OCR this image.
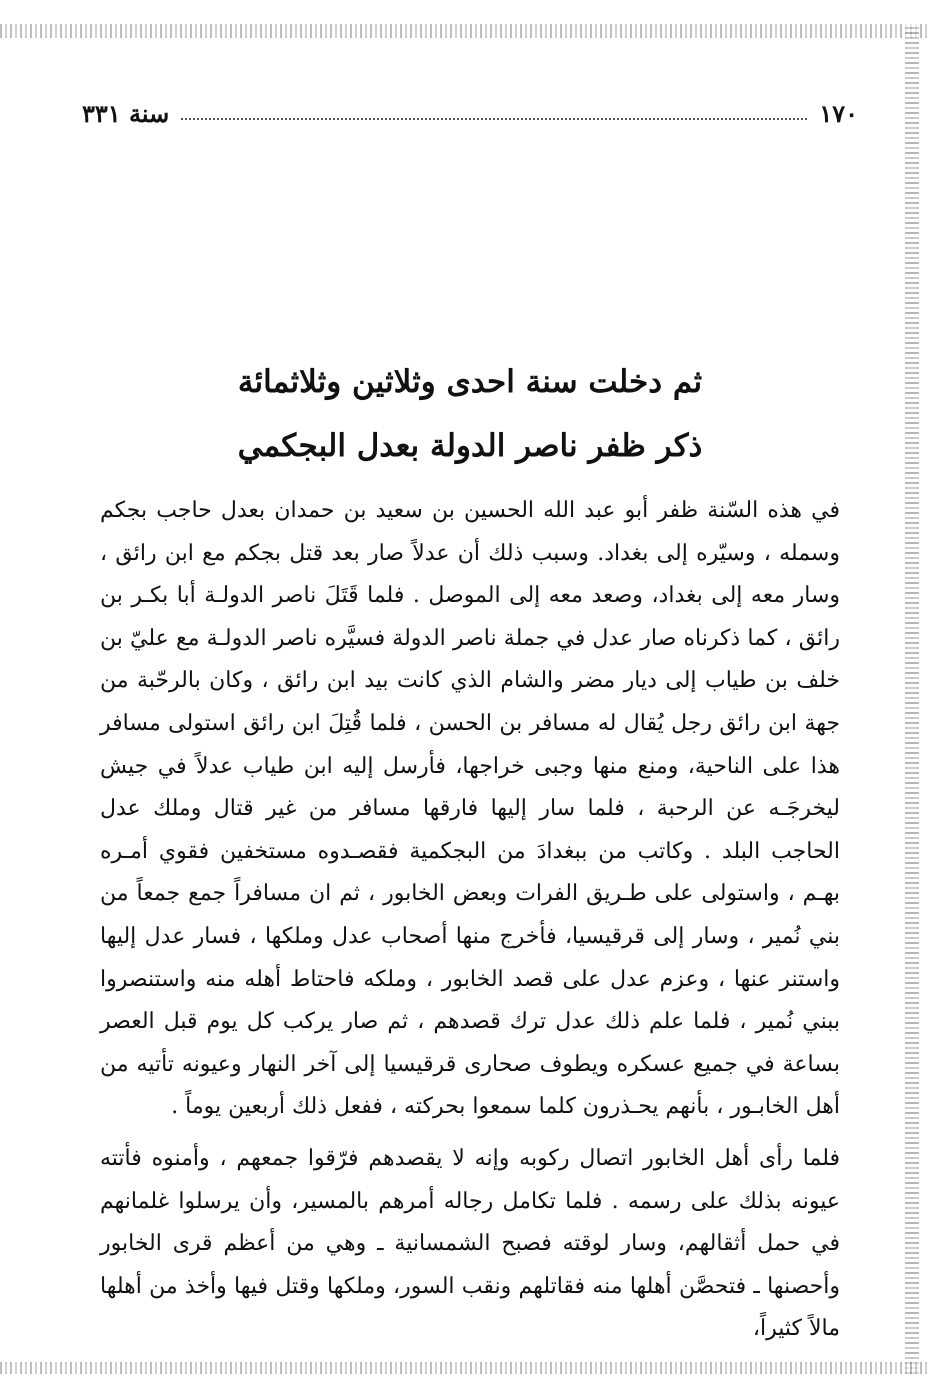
١٧٠
سنة ٣٣١
ثم دخلت سنة احدى وثلاثين وثلاثمائة
ذكر ظفر ناصر الدولة بعدل البجكمي

في هذه السّنة ظفر أبو عبد الله الحسين بن سعيد بن حمدان بعدل حاجب بجكم وسمله ، وسيّره إلى بغداد. وسبب ذلك أن عدلاً صار بعد قتل بجكم مع ابن رائق ، وسار معه إلى بغداد، وصعد معه إلى الموصل . فلما قَتَلَ ناصر الدولـة أبا بكـر بن رائق ، كما ذكرناه صار عدل في جملة ناصر الدولة فسيَّره ناصر الدولـة مع عليّ بن خلف بن طياب إلى ديار مضر والشام الذي كانت بيد ابن رائق ، وكان بالرحّبة من جهة ابن رائق رجل يُقال له مسافر بن الحسن ، فلما قُتِلَ ابن رائق استولى مسافر هذا على الناحية، ومنع منها وجبى خراجها، فأرسل إليه ابن طياب عدلاً في جيش ليخرجَـه عن الرحبة ، فلما سار إليها فارقها مسافر من غير قتال وملك عدل الحاجب البلد . وكاتب من ببغدادَ من البجكمية فقصـدوه مستخفين فقوي أمـره بهـم ، واستولى على طـريق الفرات وبعض الخابور ، ثم ان مسافراً جمع جمعاً من بني نُمير ، وسار إلى قرقيسيا، فأخرج منها أصحاب عدل وملكها ، فسار عدل إليها واستنر عنها ، وعزم عدل على قصد الخابور ، وملكه فاحتاط أهله منه واستنصروا ببني نُمير ، فلما علم ذلك عدل ترك قصدهم ، ثم صار يركب كل يوم قبل العصر بساعة في جميع عسكره ويطوف صحارى قرقيسيا إلى آخر النهار وعيونه تأتيه من أهل الخابـور ، بأنهم يحـذرون كلما سمعوا بحركته ، ففعل ذلك أربعين يوماً .

فلما رأى أهل الخابور اتصال ركوبه وإنه لا يقصدهم فرّقوا جمعهم ، وأمنوه فأتته عيونه بذلك على رسمه . فلما تكامل رجاله أمرهم بالمسير، وأن يرسلوا غلمانهم في حمل أثقالهم، وسار لوقته فصبح الشمسانية ـ وهي من أعظم قرى الخابور وأحصنها ـ فتحصَّن أهلها منه فقاتلهم ونقب السور، وملكها وقتل فيها وأخذ من أهلها مالاً كثيراً،
